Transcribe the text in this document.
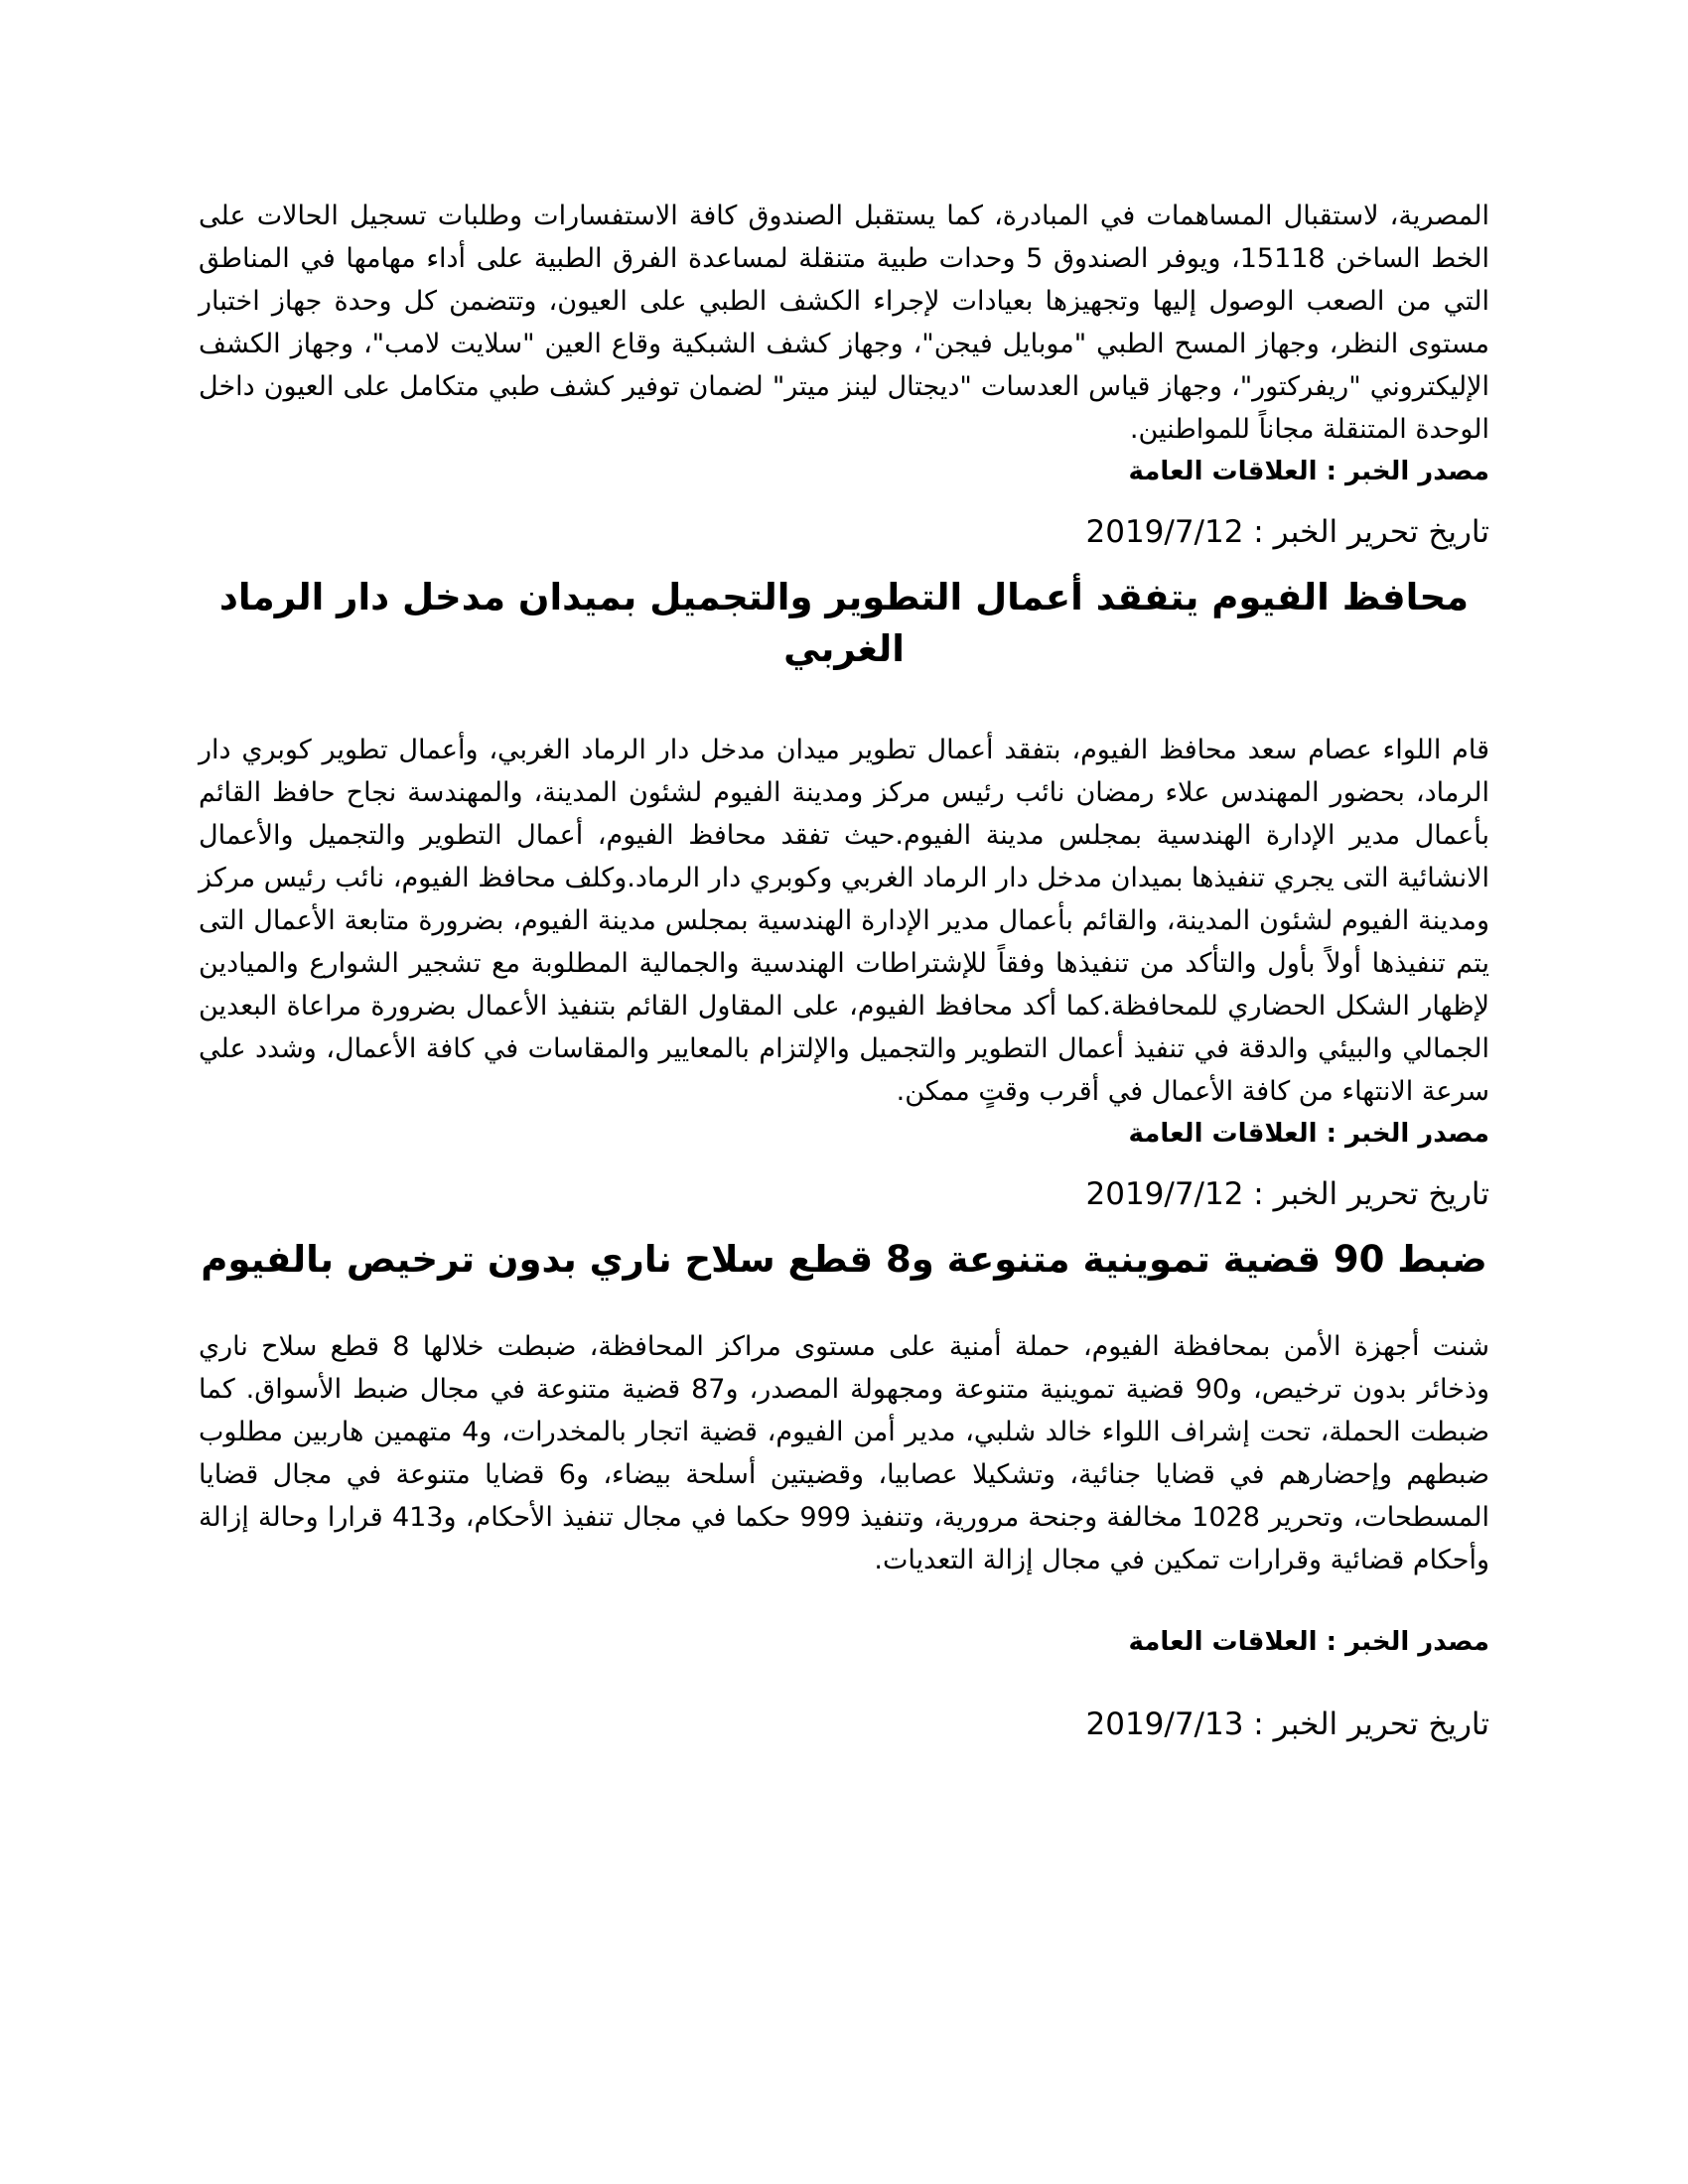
المصرية، لاستقبال المساهمات في المبادرة، كما يستقبل الصندوق كافة الاستفسارات وطلبات تسجيل الحالات على الخط الساخن 15118، ويوفر الصندوق 5 وحدات طبية متنقلة لمساعدة الفرق الطبية على أداء مهامها في المناطق التي من الصعب الوصول إليها وتجهيزها بعيادات لإجراء الكشف الطبي على العيون، وتتضمن كل وحدة جهاز اختبار مستوى النظر، وجهاز المسح الطبي "موبايل فيجن"، وجهاز كشف الشبكية وقاع العين "سلايت لامب"، وجهاز الكشف الإليكتروني "ريفركتور"، وجهاز قياس العدسات "ديجتال لينز ميتر" لضمان توفير كشف طبي متكامل على العيون داخل الوحدة المتنقلة مجاناً للمواطنين.

مصدر الخبر : العلاقات العامة

تاريخ تحرير الخبر : 2019/7/12

محافظ الفيوم يتفقد أعمال التطوير والتجميل بميدان مدخل دار الرماد الغربي

قام اللواء عصام سعد محافظ الفيوم، بتفقد أعمال تطوير ميدان مدخل دار الرماد الغربي، وأعمال تطوير كوبري دار الرماد، بحضور المهندس علاء رمضان نائب رئيس مركز ومدينة الفيوم لشئون المدينة، والمهندسة نجاح حافظ القائم بأعمال مدير الإدارة الهندسية بمجلس مدينة الفيوم.حيث تفقد محافظ الفيوم، أعمال التطوير والتجميل والأعمال الانشائية التى يجري تنفيذها بميدان مدخل دار الرماد الغربي وكوبري دار الرماد.وكلف محافظ الفيوم، نائب رئيس مركز ومدينة الفيوم لشئون المدينة، والقائم بأعمال مدير الإدارة الهندسية بمجلس مدينة الفيوم، بضرورة متابعة الأعمال التى يتم تنفيذها أولاً بأول والتأكد من تنفيذها وفقاً للإشتراطات الهندسية والجمالية المطلوبة مع تشجير الشوارع والميادين لإظهار الشكل الحضاري للمحافظة.كما أكد محافظ الفيوم، على المقاول القائم بتنفيذ الأعمال بضرورة مراعاة البعدين الجمالي والبيئي والدقة في تنفيذ أعمال التطوير والتجميل والإلتزام بالمعايير والمقاسات في كافة الأعمال، وشدد علي سرعة الانتهاء من كافة الأعمال في أقرب وقتٍ ممكن.

مصدر الخبر : العلاقات العامة

تاريخ تحرير الخبر : 2019/7/12

ضبط 90 قضية تموينية متنوعة و8 قطع سلاح ناري بدون ترخيص بالفيوم

شنت أجهزة الأمن بمحافظة الفيوم، حملة أمنية على مستوى مراكز المحافظة، ضبطت خلالها 8 قطع سلاح ناري وذخائر بدون ترخيص، و90 قضية تموينية متنوعة ومجهولة المصدر، و87 قضية متنوعة في مجال ضبط الأسواق. كما ضبطت الحملة، تحت إشراف اللواء خالد شلبي، مدير أمن الفيوم، قضية اتجار بالمخدرات، و4 متهمين هاربين مطلوب ضبطهم وإحضارهم في قضايا جنائية، وتشكيلا عصابيا، وقضيتين أسلحة بيضاء، و6 قضايا متنوعة في مجال قضايا المسطحات، وتحرير 1028 مخالفة وجنحة مرورية، وتنفيذ 999 حكما في مجال تنفيذ الأحكام، و413 قرارا وحالة إزالة وأحكام قضائية وقرارات تمكين في مجال إزالة التعديات.

مصدر الخبر : العلاقات العامة

تاريخ تحرير الخبر : 2019/7/13
